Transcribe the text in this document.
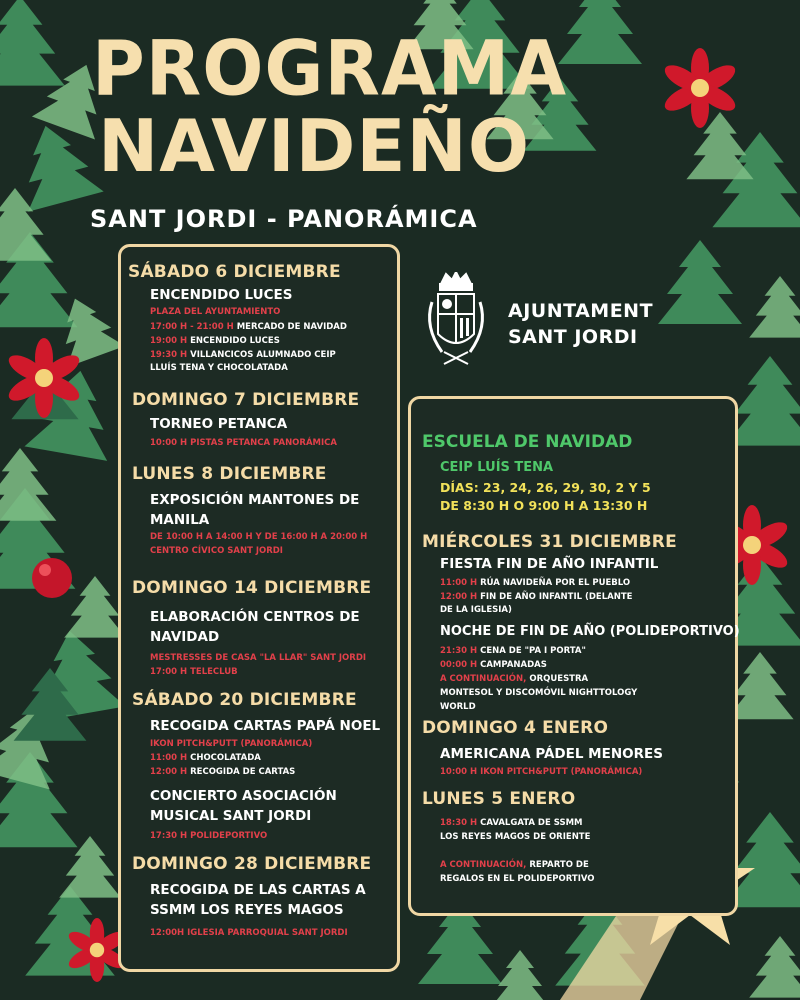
PROGRAMA
NAVIDEÑO
SANT JORDI - PANORÁMICA
AJUNTAMENT
SANT JORDI
SÁBADO 6 DICIEMBRE
ENCENDIDO LUCES
PLAZA DEL AYUNTAMIENTO
17:00 H - 21:00 H MERCADO DE NAVIDAD
19:00 H ENCENDIDO LUCES
19:30 H VILLANCICOS ALUMNADO CEIP
LLUÍS TENA Y CHOCOLATADA
DOMINGO 7 DICIEMBRE
TORNEO PETANCA
10:00 H PISTAS PETANCA PANORÁMICA
LUNES 8 DICIEMBRE
EXPOSICIÓN MANTONES DE
MANILA
DE 10:00 H A 14:00 H Y DE 16:00 H A 20:00 H
CENTRO CÍVICO SANT JORDI
DOMINGO 14 DICIEMBRE
ELABORACIÓN CENTROS DE
NAVIDAD
MESTRESSES DE CASA "LA LLAR" SANT JORDI
17:00 H TELECLUB
SÁBADO 20 DICIEMBRE
RECOGIDA CARTAS PAPÁ NOEL
IKON PITCH&PUTT (PANORÁMICA)
11:00 H CHOCOLATADA
12:00 H RECOGIDA DE CARTAS
CONCIERTO ASOCIACIÓN
MUSICAL SANT JORDI
17:30 H POLIDEPORTIVO
DOMINGO 28 DICIEMBRE
RECOGIDA DE LAS CARTAS A
SSMM LOS REYES MAGOS
12:00H IGLESIA PARROQUIAL SANT JORDI
ESCUELA DE NAVIDAD
CEIP LUÍS TENA
DÍAS: 23, 24, 26, 29, 30, 2 Y 5
DE 8:30 H O 9:00 H A 13:30 H
MIÉRCOLES 31 DICIEMBRE
FIESTA FIN DE AÑO INFANTIL
11:00 H RÚA NAVIDEÑA POR EL PUEBLO
12:00 H FIN DE AÑO INFANTIL (DELANTE
DE LA IGLESIA)
NOCHE DE FIN DE AÑO (POLIDEPORTIVO)
21:30 H CENA DE "PA I PORTA"
00:00 H CAMPANADAS
A CONTINUACIÓN, ORQUESTRA
MONTESOL Y DISCOMÓVIL NIGHTTOLOGY
WORLD
DOMINGO 4 ENERO
AMERICANA PÁDEL MENORES
10:00 H IKON PITCH&PUTT (PANORÁMICA)
LUNES 5 ENERO
18:30 H CAVALGATA DE SSMM
LOS REYES MAGOS DE ORIENTE
A CONTINUACIÓN, REPARTO DE
REGALOS EN EL POLIDEPORTIVO
